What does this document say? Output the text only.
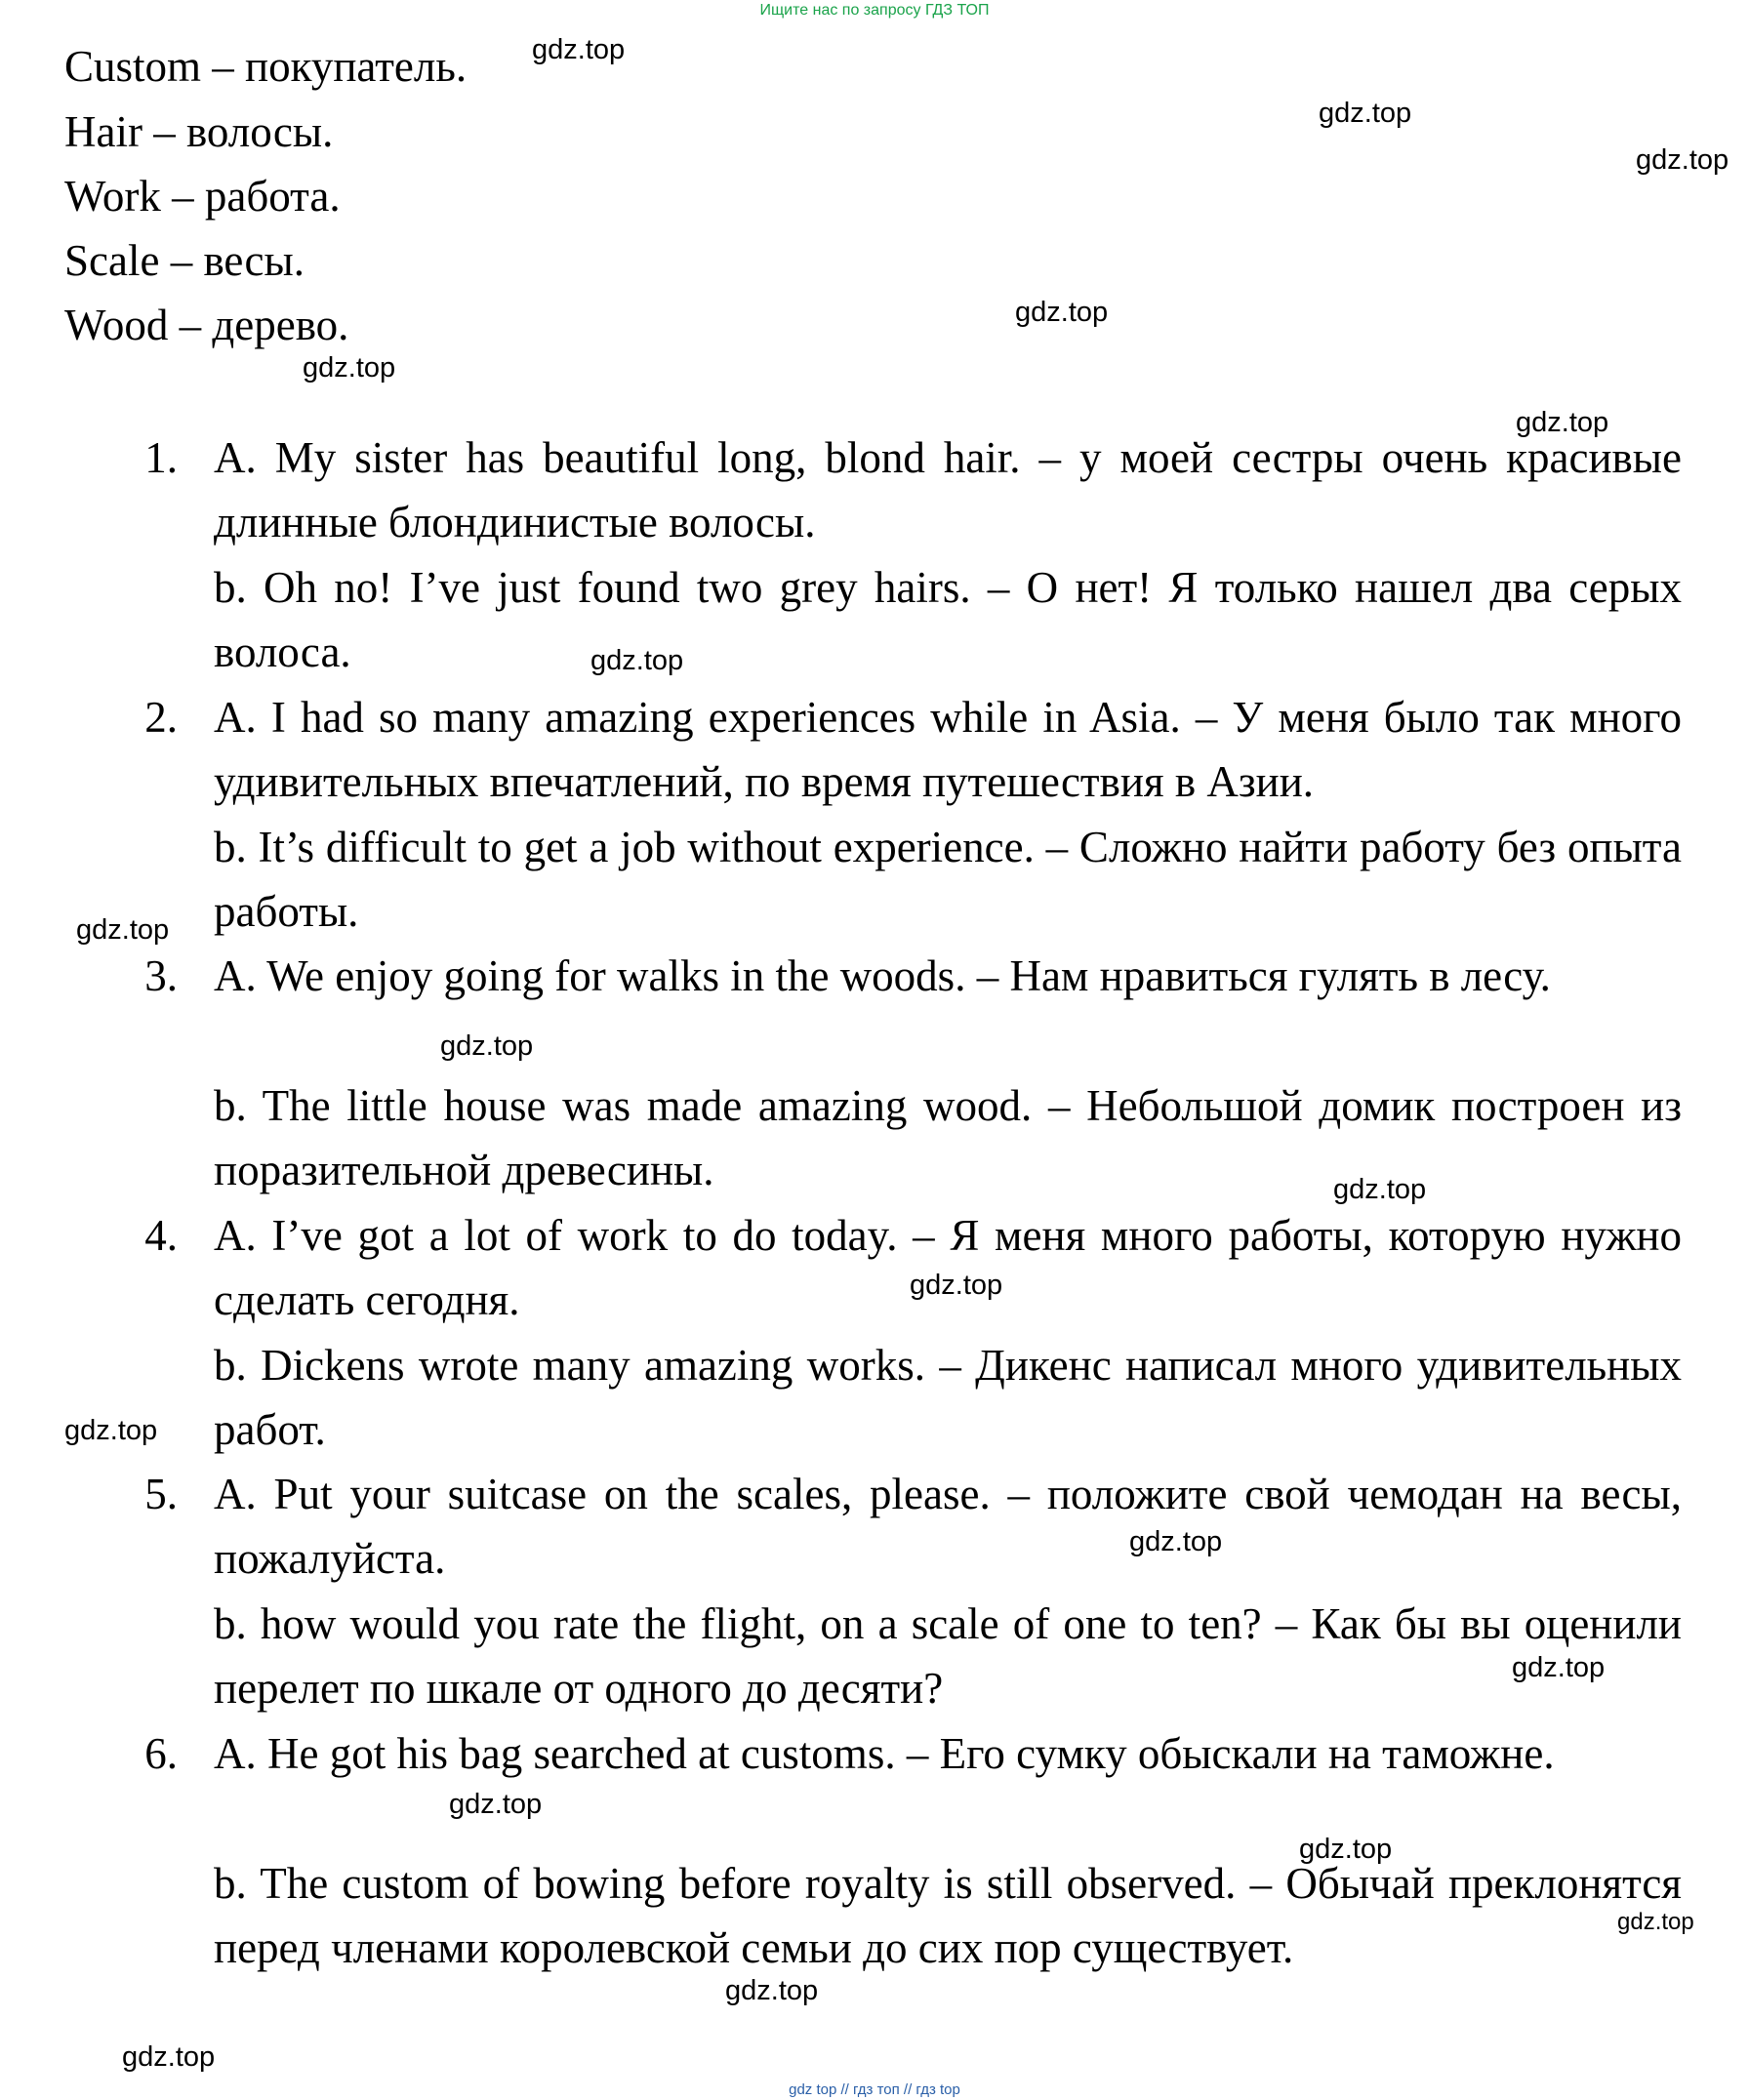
Ищите нас по запросу ГДЗ ТОП
Custom – покупатель.
Hair – волосы.
Work – работа.
Scale – весы.
Wood – дерево.
1. A. My sister has beautiful long, blond hair. – у моей сестры очень красивые длинные блондинистые волосы.

b. Oh no! I’ve just found two grey hairs. – О нет! Я только нашел два серых волоса.

2. A. I had so many amazing experiences while in Asia. – У меня было так много удивительных впечатлений, по время путешествия в Азии.

b. It’s difficult to get a job without experience. – Сложно найти работу без опыта работы.

3. A. We enjoy going for walks in the woods. – Нам нравиться гулять в лесу.

b. The little house was made amazing wood. – Небольшой домик построен из поразительной древесины.

4. A. I’ve got a lot of work to do today. – Я меня много работы, которую нужно сделать сегодня.

b. Dickens wrote many amazing works. – Дикенс написал много удивительных работ.

5. A. Put your suitcase on the scales, please. – положите свой чемодан на весы, пожалуйста.

b. how would you rate the flight, on a scale of one to ten? – Как бы вы оценили перелет по шкале от одного до десяти?

6. A. He got his bag searched at customs. – Его сумку обыскали на таможне.

b. The custom of bowing before royalty is still observed. – Обычай преклонятся перед членами королевской семьи до сих пор существует.

gdz.top
gdz.top
gdz.top
gdz.top
gdz.top
gdz.top
gdz.top
gdz.top
gdz.top
gdz.top
gdz.top
gdz.top
gdz.top
gdz.top
gdz.top
gdz.top
gdz.top
gdz.top
gdz.top
gdz top // гдз топ // гдз top
